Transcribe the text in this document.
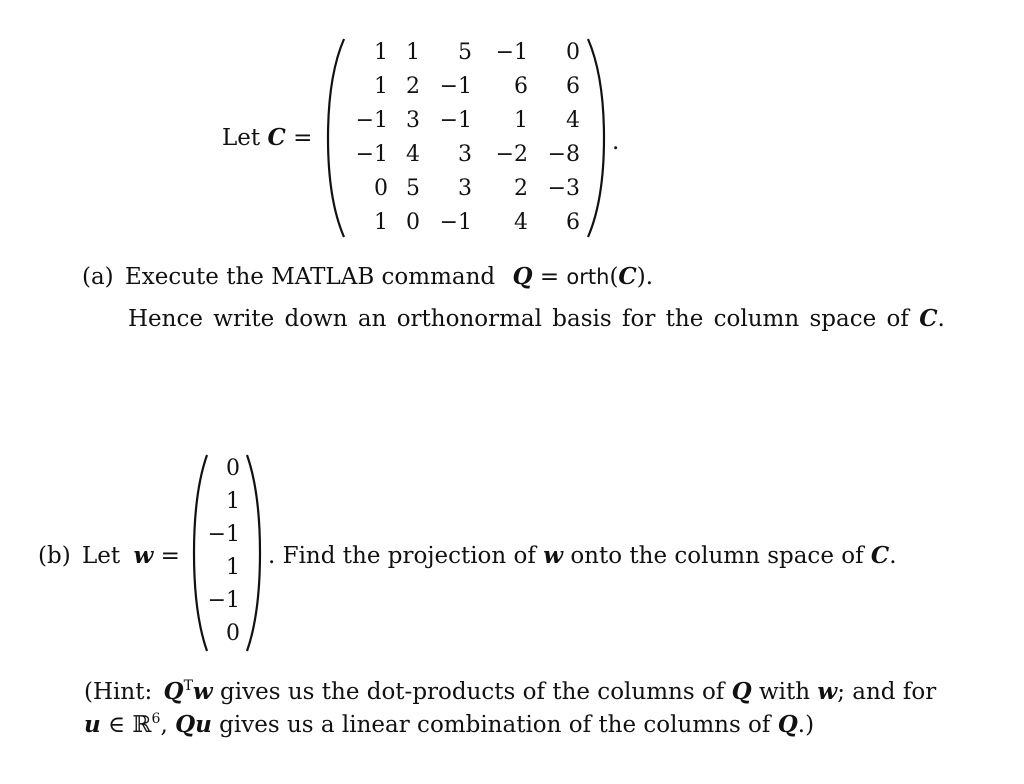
Let C =
1 1	5	−1	0
1 2 −1	6	6
−1 3 −1	1	4
−1 4	3	−2 −8
0 5	3	2 −3
1 0 −1	4	6
.
(a) Execute the MATLAB command Q = orth(C).
Hence write down an orthonormal basis for the column space of C.
(b) Let w =
0
1
−1
1
−1
0
. Find the projection of w onto the column space of C.
(Hint: $Q^Tw$ gives us the dot-products of the columns of Q with w; and for
u ∈ ℝ$^6$, Qu gives us a linear combination of the columns of Q.)
